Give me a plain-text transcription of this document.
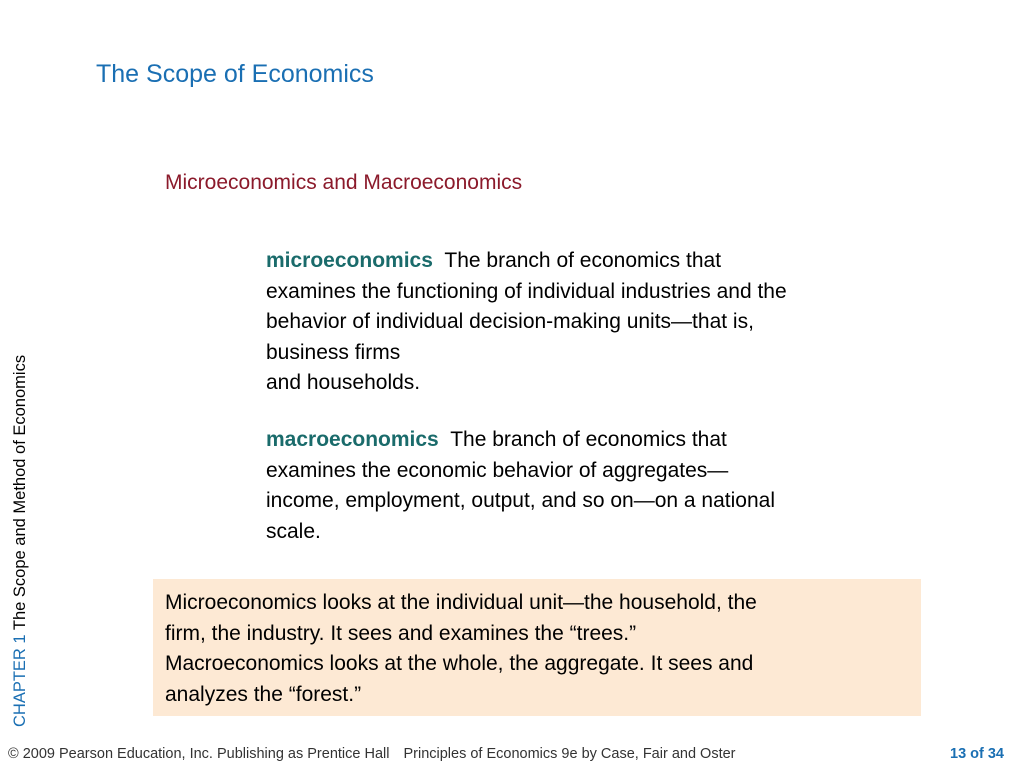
The Scope of Economics
Microeconomics and Macroeconomics
microeconomics The branch of economics that
examines the functioning of individual industries and the
behavior of individual decision-making units—that is,
business firms
and households.
macroeconomics The branch of economics that
examines the economic behavior of aggregates—
income, employment, output, and so on—on a national
scale.
Microeconomics looks at the individual unit—the household, the
firm, the industry. It sees and examines the “trees.”
Macroeconomics looks at the whole, the aggregate. It sees and
analyzes the “forest.”
CHAPTER 1 The Scope and Method of Economics
© 2009 Pearson Education, Inc. Publishing as Prentice Hall Principles of Economics 9e by Case, Fair and Oster	13 of 34
